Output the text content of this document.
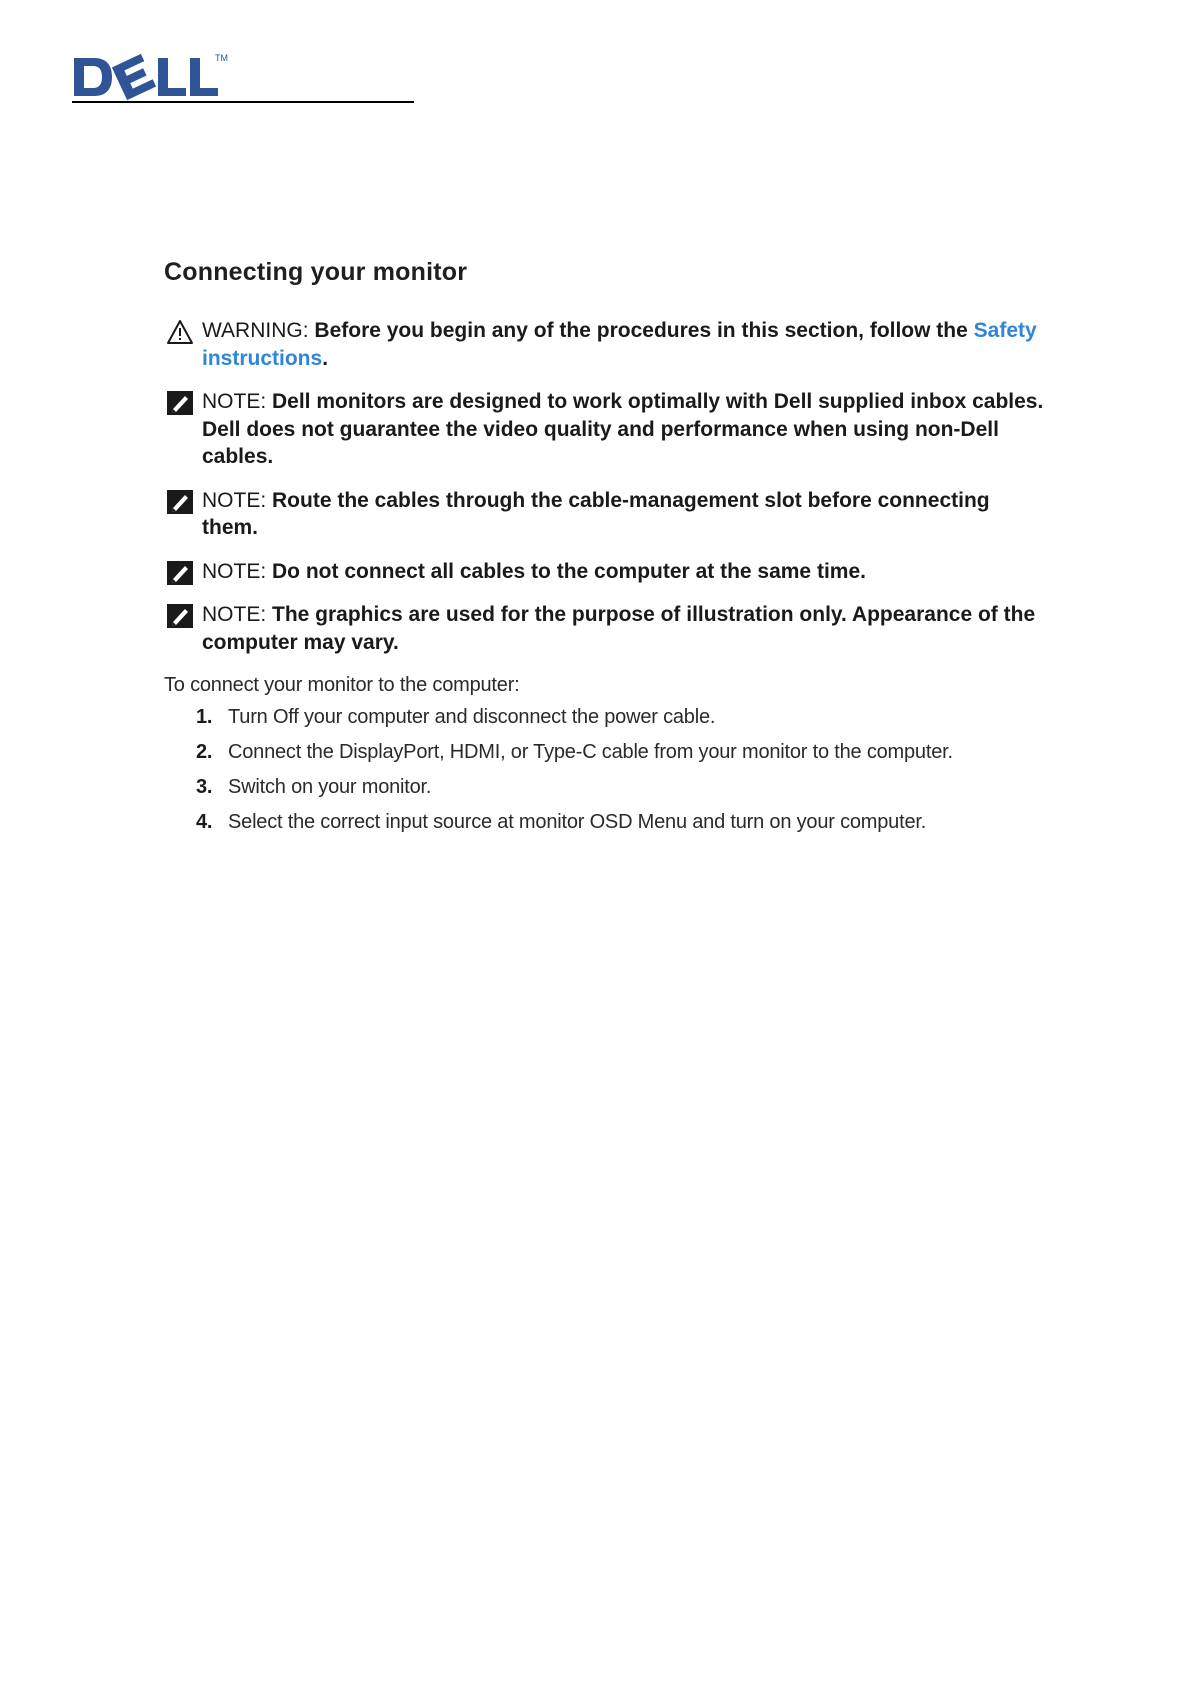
TM
Connecting your monitor
WARNING: Before you begin any of the procedures in this section, follow the Safety instructions.
NOTE: Dell monitors are designed to work optimally with Dell supplied inbox cables. Dell does not guarantee the video quality and performance when using non-Dell cables.
NOTE: Route the cables through the cable-management slot before connecting them.
NOTE: Do not connect all cables to the computer at the same time.
NOTE: The graphics are used for the purpose of illustration only. Appearance of the computer may vary.

To connect your monitor to the computer:

1. Turn Off your computer and disconnect the power cable.
2. Connect the DisplayPort, HDMI, or Type-C cable from your monitor to the computer.
3. Switch on your monitor.
4. Select the correct input source at monitor OSD Menu and turn on your computer.
